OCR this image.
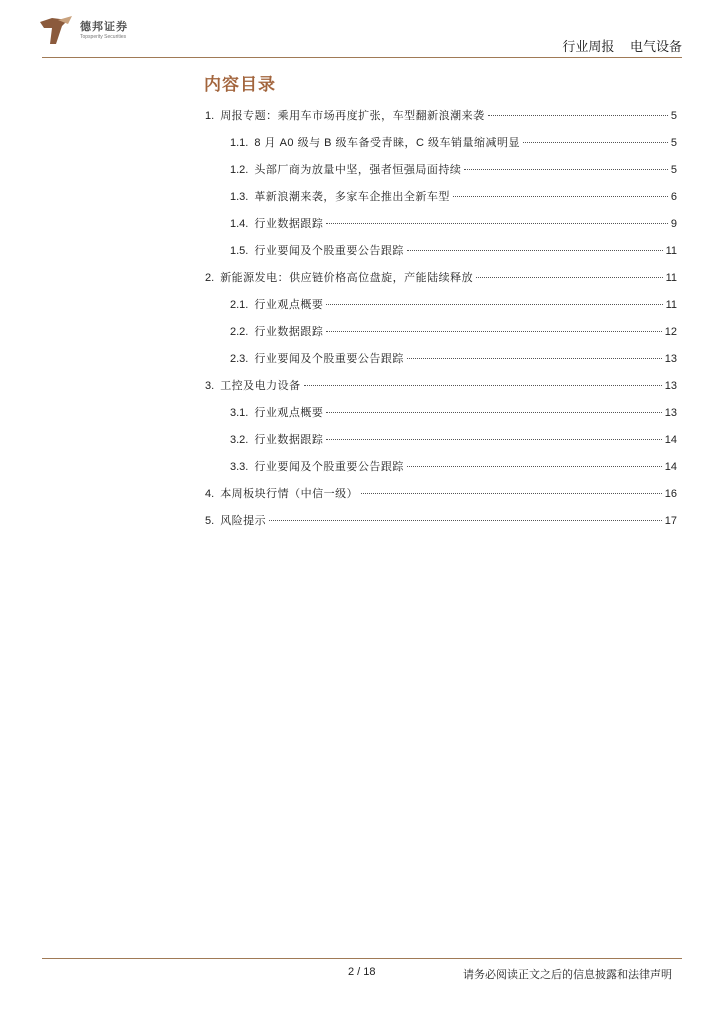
德邦证券
Topsperity Securities
行业周报 电气设备
内容目录
1. 周报专题：乘用车市场再度扩张，车型翻新浪潮来袭	5
1.1. 8 月 A0 级与 B 级车备受青睐，C 级车销量缩减明显	5
1.2. 头部厂商为放量中坚，强者恒强局面持续	5
1.3. 革新浪潮来袭，多家车企推出全新车型	6
1.4. 行业数据跟踪	9
1.5. 行业要闻及个股重要公告跟踪	11
2. 新能源发电：供应链价格高位盘旋，产能陆续释放	11
2.1. 行业观点概要	11
2.2. 行业数据跟踪	12
2.3. 行业要闻及个股重要公告跟踪	13
3. 工控及电力设备	13
3.1. 行业观点概要	13
3.2. 行业数据跟踪	14
3.3. 行业要闻及个股重要公告跟踪	14
4. 本周板块行情（中信一级）	16
5. 风险提示	17
2 / 18	请务必阅读正文之后的信息披露和法律声明
